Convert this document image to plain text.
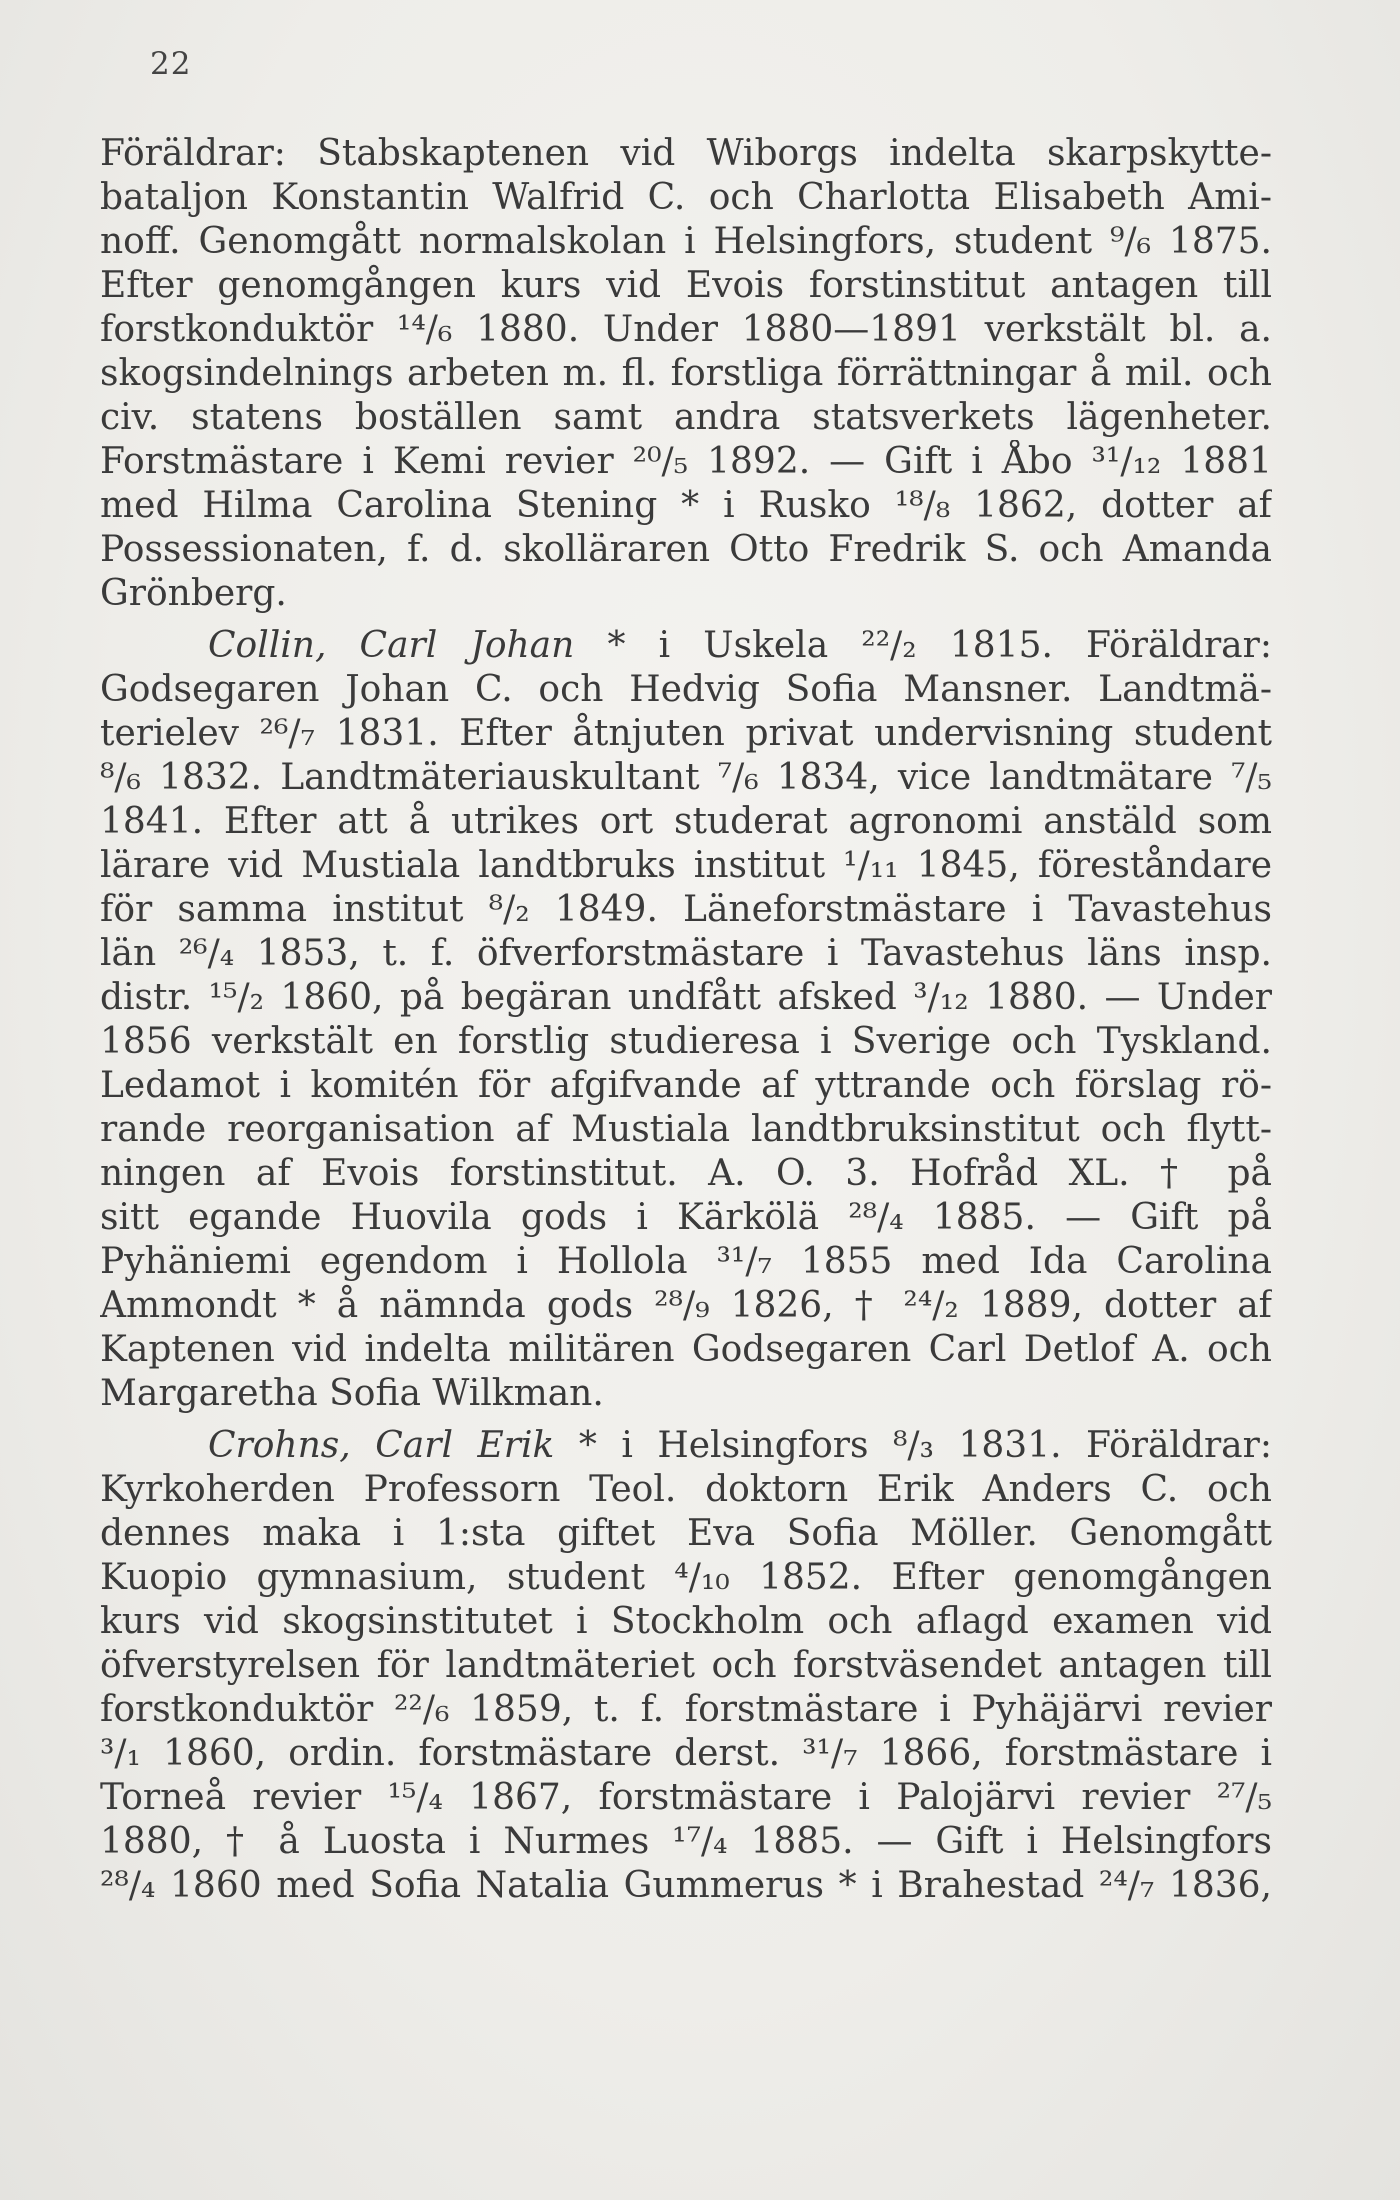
22
Föräldrar: Stabskaptenen vid Wiborgs indelta skarpskytte-
bataljon Konstantin Walfrid C. och Charlotta Elisabeth Ami-
noff. Genomgått normalskolan i Helsingfors, student ⁹/₆ 1875.
Efter genomgången kurs vid Evois forstinstitut antagen till
forstkonduktör ¹⁴/₆ 1880. Under 1880—1891 verkstält bl. a.
skogsindelnings arbeten m. fl. forstliga förrättningar å mil. och
civ. statens boställen samt andra statsverkets lägenheter.
Forstmästare i Kemi revier ²⁰/₅ 1892. — Gift i Åbo ³¹/₁₂ 1881
med Hilma Carolina Stening * i Rusko ¹⁸/₈ 1862, dotter af
Possessionaten, f. d. skolläraren Otto Fredrik S. och Amanda
Grönberg.
Collin, Carl Johan * i Uskela ²²/₂ 1815. Föräldrar:
Godsegaren Johan C. och Hedvig Sofia Mansner. Landtmä-
terielev ²⁶/₇ 1831. Efter åtnjuten privat undervisning student
⁸/₆ 1832. Landtmäteriauskultant ⁷/₆ 1834, vice landtmätare ⁷/₅
1841. Efter att å utrikes ort studerat agronomi anstäld som
lärare vid Mustiala landtbruks institut ¹/₁₁ 1845, föreståndare
för samma institut ⁸/₂ 1849. Läneforstmästare i Tavastehus
län ²⁶/₄ 1853, t. f. öfverforstmästare i Tavastehus läns insp.
distr. ¹⁵/₂ 1860, på begäran undfått afsked ³/₁₂ 1880. — Under
1856 verkstält en forstlig studieresa i Sverige och Tyskland.
Ledamot i komitén för afgifvande af yttrande och förslag rö-
rande reorganisation af Mustiala landtbruksinstitut och flytt-
ningen af Evois forstinstitut. A. O. 3. Hofråd XL. † på
sitt egande Huovila gods i Kärkölä ²⁸/₄ 1885. — Gift på
Pyhäniemi egendom i Hollola ³¹/₇ 1855 med Ida Carolina
Ammondt * å nämnda gods ²⁸/₉ 1826, † ²⁴/₂ 1889, dotter af
Kaptenen vid indelta militären Godsegaren Carl Detlof A. och
Margaretha Sofia Wilkman.
Crohns, Carl Erik * i Helsingfors ⁸/₃ 1831. Föräldrar:
Kyrkoherden Professorn Teol. doktorn Erik Anders C. och
dennes maka i 1:sta giftet Eva Sofia Möller. Genomgått
Kuopio gymnasium, student ⁴/₁₀ 1852. Efter genomgången
kurs vid skogsinstitutet i Stockholm och aflagd examen vid
öfverstyrelsen för landtmäteriet och forstväsendet antagen till
forstkonduktör ²²/₆ 1859, t. f. forstmästare i Pyhäjärvi revier
³/₁ 1860, ordin. forstmästare derst. ³¹/₇ 1866, forstmästare i
Torneå revier ¹⁵/₄ 1867, forstmästare i Palojärvi revier ²⁷/₅
1880, † å Luosta i Nurmes ¹⁷/₄ 1885. — Gift i Helsingfors
²⁸/₄ 1860 med Sofia Natalia Gummerus * i Brahestad ²⁴/₇ 1836,
